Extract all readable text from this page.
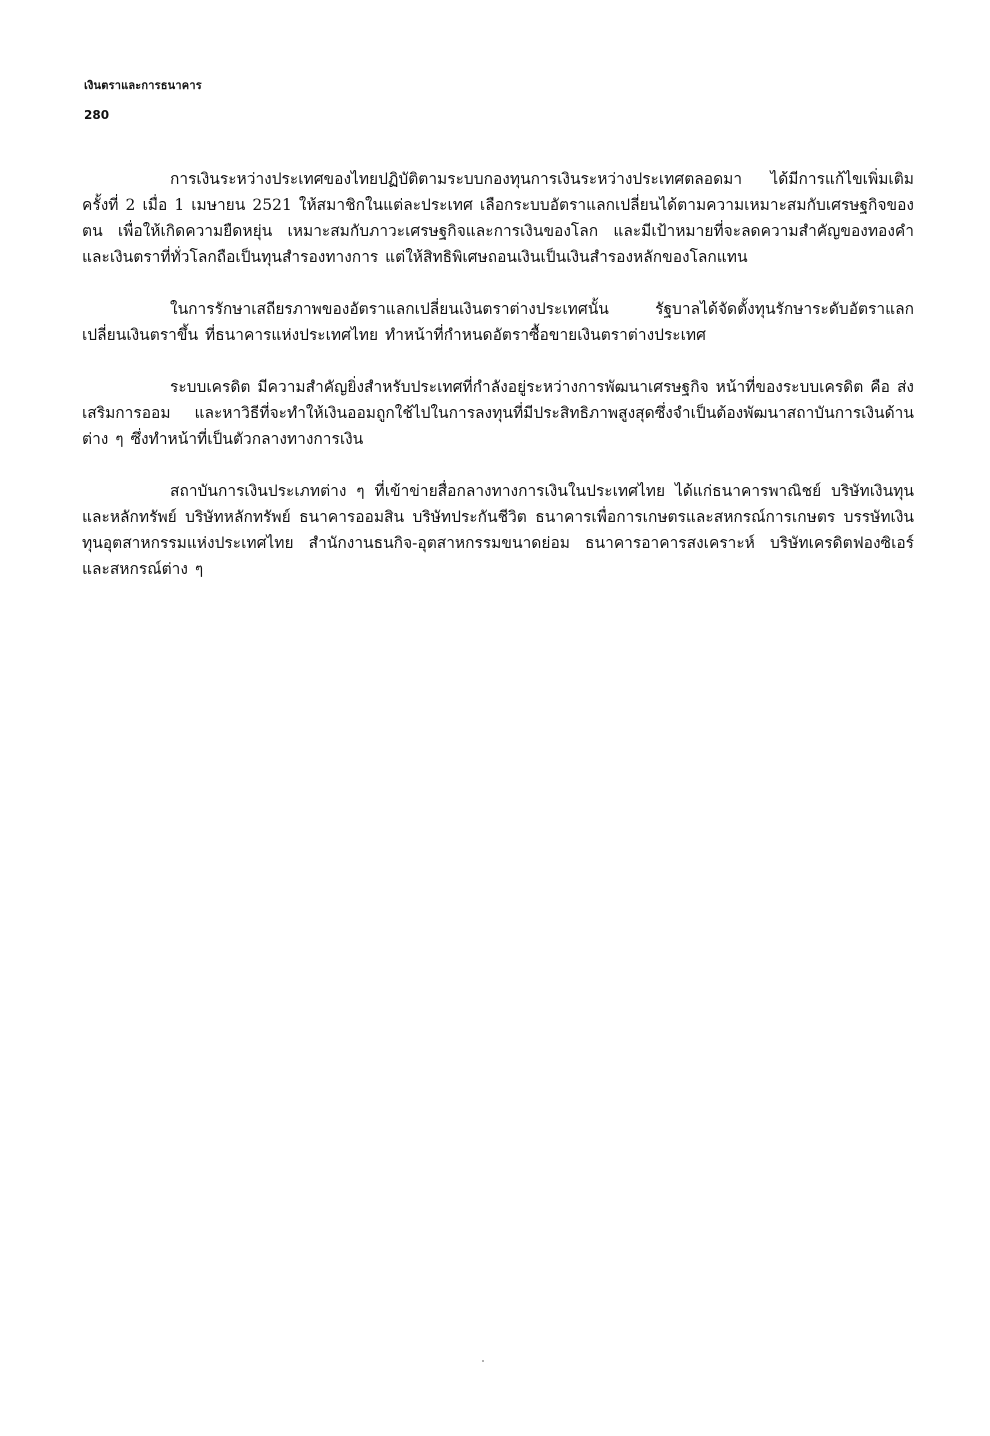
เงินตราและการธนาคาร
280

การเงินระหว่างประเทศของไทยปฏิบัติตามระบบกองทุนการเงินระหว่างประเทศตลอดมา ได้มีการแก้ไขเพิ่มเติมครั้งที่ 2 เมื่อ 1 เมษายน 2521 ให้สมาชิกในแต่ละประเทศ เลือกระบบอัตราแลกเปลี่ยนได้ตามความเหมาะสมกับเศรษฐกิจของตน เพื่อให้เกิดความยืดหยุ่น เหมาะสมกับภาวะเศรษฐกิจและการเงินของโลก และมีเป้าหมายที่จะลดความสำคัญของทองคำและเงินตราที่ทั่วโลกถือเป็นทุนสำรองทางการ แต่ให้สิทธิพิเศษถอนเงินเป็นเงินสำรองหลักของโลกแทน

ในการรักษาเสถียรภาพของอัตราแลกเปลี่ยนเงินตราต่างประเทศนั้น รัฐบาลได้จัดตั้งทุนรักษาระดับอัตราแลกเปลี่ยนเงินตราขึ้น ที่ธนาคารแห่งประเทศไทย ทำหน้าที่กำหนดอัตราซื้อขายเงินตราต่างประเทศ

ระบบเครดิต มีความสำคัญยิ่งสำหรับประเทศที่กำลังอยู่ระหว่างการพัฒนาเศรษฐกิจ หน้าที่ของระบบเครดิต คือ ส่งเสริมการออม และหาวิธีที่จะทำให้เงินออมถูกใช้ไปในการลงทุนที่มีประสิทธิภาพสูงสุดซึ่งจำเป็นต้องพัฒนาสถาบันการเงินด้านต่าง ๆ ซึ่งทำหน้าที่เป็นตัวกลางทางการเงิน

สถาบันการเงินประเภทต่าง ๆ ที่เข้าข่ายสื่อกลางทางการเงินในประเทศไทย ได้แก่ธนาคารพาณิชย์ บริษัทเงินทุนและหลักทรัพย์ บริษัทหลักทรัพย์ ธนาคารออมสิน บริษัทประกันชีวิต ธนาคารเพื่อการเกษตรและสหกรณ์การเกษตร บรรษัทเงินทุนอุตสาหกรรมแห่งประเทศไทย สำนักงานธนกิจ-อุตสาหกรรมขนาดย่อม ธนาคารอาคารสงเคราะห์ บริษัทเครดิตฟองซิเอร์ และสหกรณ์ต่าง ๆ
